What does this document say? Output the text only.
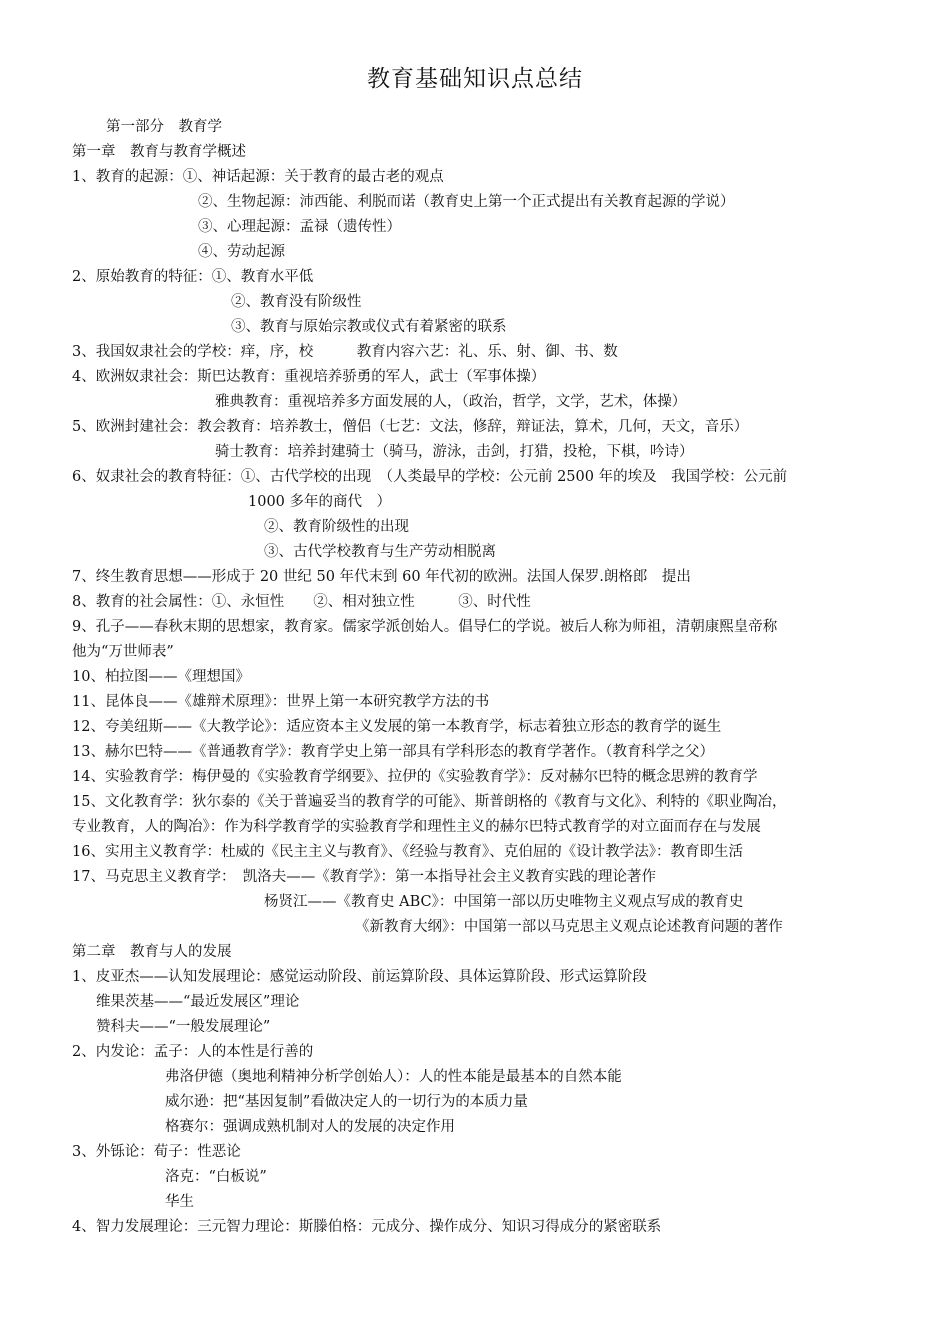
教育基础知识点总结
第一部分　教育学
第一章　教育与教育学概述
1、教育的起源：①、神话起源：关于教育的最古老的观点
②、生物起源：沛西能、利脱而诺（教育史上第一个正式提出有关教育起源的学说）
③、心理起源：孟禄（遗传性）
④、劳动起源
2、原始教育的特征：①、教育水平低
②、教育没有阶级性
③、教育与原始宗教或仪式有着紧密的联系
3、我国奴隶社会的学校：痒，序，校　　　教育内容六艺：礼、乐、射、御、书、数
4、欧洲奴隶社会：斯巴达教育：重视培养骄勇的军人，武士（军事体操）
雅典教育：重视培养多方面发展的人，（政治，哲学，文学，艺术，体操）
5、欧洲封建社会：教会教育：培养教士，僧侣（七艺：文法，修辞，辩证法，算术，几何，天文，音乐）
骑士教育：培养封建骑士（骑马，游泳，击剑，打猎，投枪，下棋，吟诗）
6、奴隶社会的教育特征：①、古代学校的出现　（人类最早的学校：公元前 2500 年的埃及　我国学校：公元前
1000 多年的商代　）
②、教育阶级性的出现
③、古代学校教育与生产劳动相脱离
7、终生教育思想——形成于 20 世纪 50 年代末到 60 年代初的欧洲。法国人保罗.朗格郎　提出
8、教育的社会属性：①、永恒性　　②、相对独立性　　　③、时代性
9、孔子——春秋末期的思想家，教育家。儒家学派创始人。倡导仁的学说。被后人称为师祖，清朝康熙皇帝称
他为“万世师表”
10、柏拉图——《理想国》
11、昆体良——《雄辩术原理》：世界上第一本研究教学方法的书
12、夸美纽斯——《大教学论》：适应资本主义发展的第一本教育学，标志着独立形态的教育学的诞生
13、赫尔巴特——《普通教育学》：教育学史上第一部具有学科形态的教育学著作。（教育科学之父）
14、实验教育学：梅伊曼的《实验教育学纲要》、拉伊的《实验教育学》：反对赫尔巴特的概念思辨的教育学
15、文化教育学：狄尔泰的《关于普遍妥当的教育学的可能》、斯普朗格的《教育与文化》、利特的《职业陶冶，
专业教育，人的陶冶》：作为科学教育学的实验教育学和理性主义的赫尔巴特式教育学的对立面而存在与发展
16、实用主义教育学：杜威的《民主主义与教育》、《经验与教育》、克伯屈的《设计教学法》：教育即生活
17、马克思主义教育学：　凯洛夫——《教育学》：第一本指导社会主义教育实践的理论著作
杨贤江——《教育史 ABC》：中国第一部以历史唯物主义观点写成的教育史
《新教育大纲》：中国第一部以马克思主义观点论述教育问题的著作
第二章　教育与人的发展
1、皮亚杰——认知发展理论：感觉运动阶段、前运算阶段、具体运算阶段、形式运算阶段
维果茨基——“最近发展区”理论
赞科夫——“一般发展理论”
2、内发论：孟子：人的本性是行善的
弗洛伊德（奥地利精神分析学创始人）：人的性本能是最基本的自然本能
威尔逊：把“基因复制”看做决定人的一切行为的本质力量
格赛尔：强调成熟机制对人的发展的决定作用
3、外铄论：荀子：性恶论
洛克：“白板说”
华生
4、智力发展理论：三元智力理论：斯滕伯格：元成分、操作成分、知识习得成分的紧密联系
